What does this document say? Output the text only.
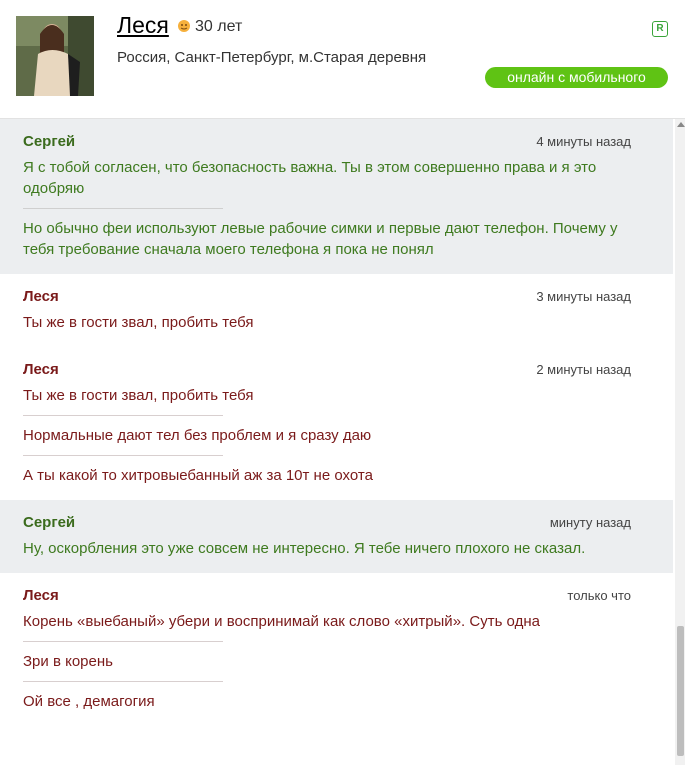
Леся 30 лет
Россия, Санкт-Петербург, м.Старая деревня
R
онлайн с мобильного
Сергей	4 минуты назад
Я с тобой согласен, что безопасность важна. Ты в этом совершенно права и я это одобряю
Но обычно феи используют левые рабочие симки и первые дают телефон. Почему у тебя требование сначала моего телефона я пока не понял
Леся	3 минуты назад
Ты же в гости звал, пробить тебя
Леся	2 минуты назад
Ты же в гости звал, пробить тебя
Нормальные дают тел без проблем и я сразу даю
А ты какой то хитровыебанный аж за 10т не охота
Сергей	минуту назад
Ну, оскорбления это уже совсем не интересно. Я тебе ничего плохого не сказал.
Леся	только что
Корень «выебаный» убери и воспринимай как слово «хитрый». Суть одна
Зри в корень
Ой все , демагогия
